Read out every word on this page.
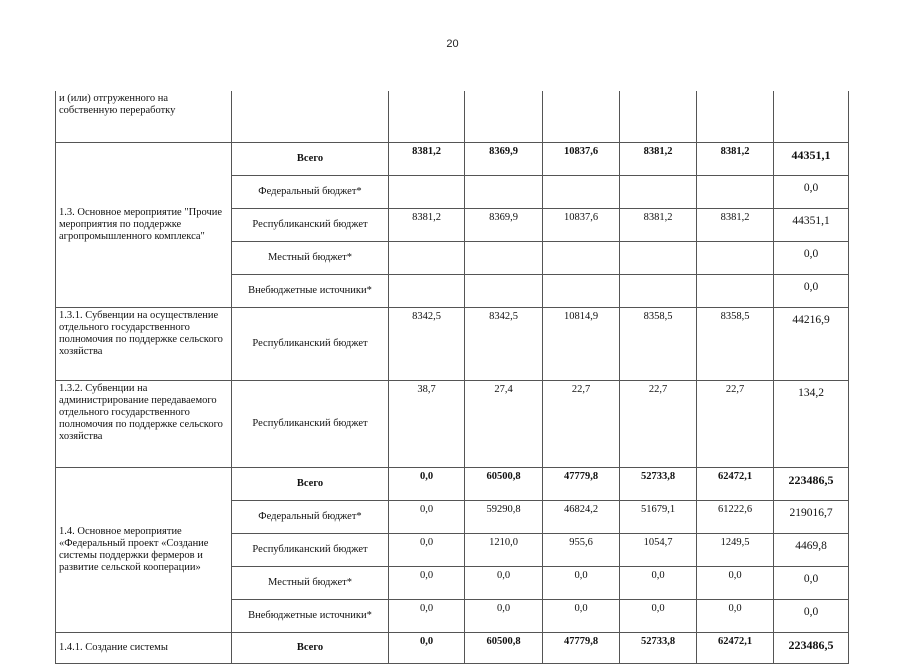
20
и (или) отгруженного на собственную переработку							
1.3. Основное мероприятие "Прочие мероприятия по поддержке агропромышленного комплекса"	Всего	8381,2	8369,9	10837,6	8381,2	8381,2	44351,1
	Федеральный бюджет*						0,0
	Республиканский бюджет	8381,2	8369,9	10837,6	8381,2	8381,2	44351,1
	Местный бюджет*						0,0
	Внебюджетные источники*						0,0
1.3.1. Субвенции на осуществление отдельного государственного полномочия по поддержке сельского хозяйства	Республиканский бюджет	8342,5	8342,5	10814,9	8358,5	8358,5	44216,9
1.3.2. Субвенции на администрирование передаваемого отдельного государственного полномочия по поддержке сельского хозяйства	Республиканский бюджет	38,7	27,4	22,7	22,7	22,7	134,2
1.4. Основное мероприятие «Федеральный проект «Создание системы поддержки фермеров и развитие сельской кооперации»	Всего	0,0	60500,8	47779,8	52733,8	62472,1	223486,5
	Федеральный бюджет*	0,0	59290,8	46824,2	51679,1	61222,6	219016,7
	Республиканский бюджет	0,0	1210,0	955,6	1054,7	1249,5	4469,8
	Местный бюджет*	0,0	0,0	0,0	0,0	0,0	0,0
	Внебюджетные источники*	0,0	0,0	0,0	0,0	0,0	0,0
1.4.1. Создание системы	Всего	0,0	60500,8	47779,8	52733,8	62472,1	223486,5
